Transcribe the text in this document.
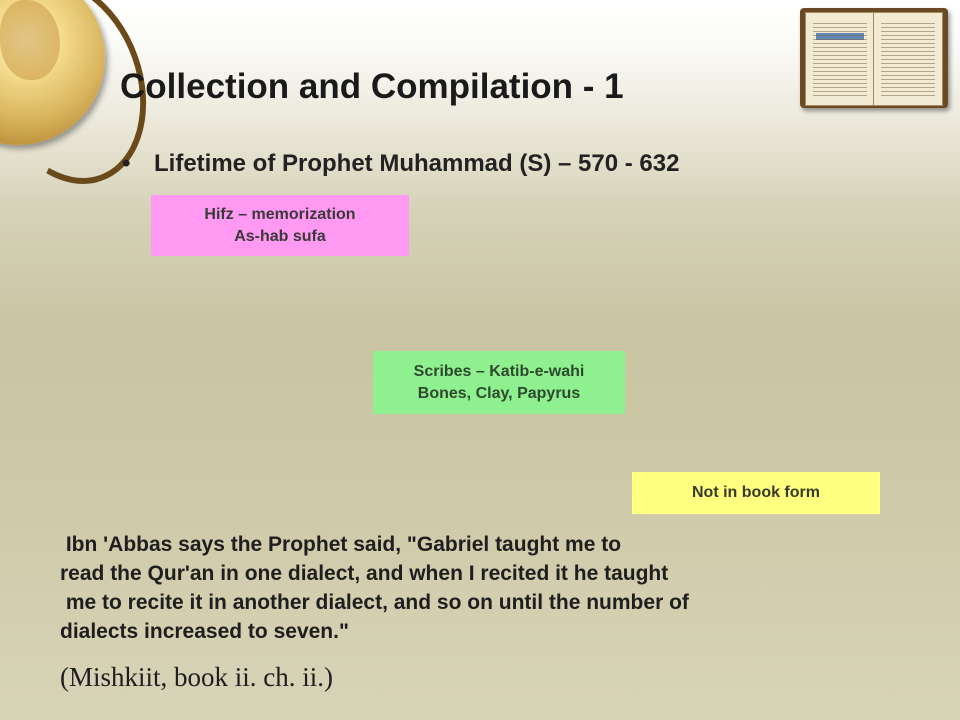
Collection and Compilation - 1
• Lifetime of Prophet Muhammad (S) – 570 - 632
Hifz – memorization
As-hab sufa
Scribes – Katib-e-wahi
Bones, Clay, Papyrus
Not in book form
Ibn 'Abbas says the Prophet said, "Gabriel taught me to
read the Qur'an in one dialect, and when I recited it he taught
me to recite it in another dialect, and so on until the number of
dialects increased to seven."
(Mishkiit, book ii. ch. ii.)
